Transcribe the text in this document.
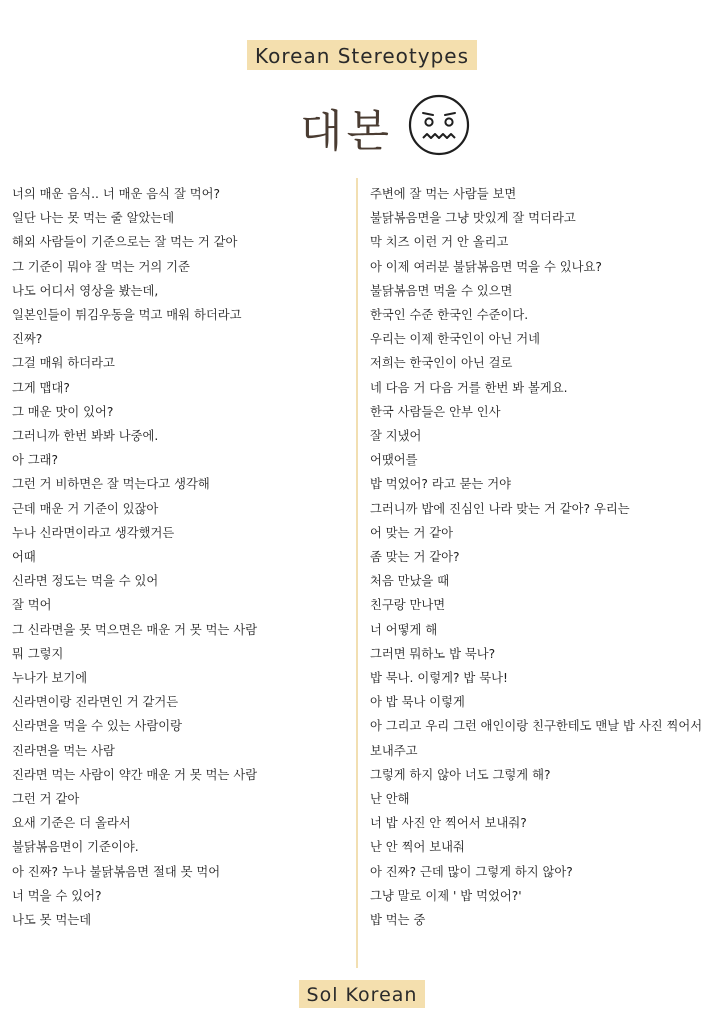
Korean Stereotypes
대본
너의 매운 음식.. 너 매운 음식 잘 먹어?
일단 나는 못 먹는 줄 알았는데
해외 사람들이 기준으로는 잘 먹는 거 같아
그 기준이 뭐야 잘 먹는 거의 기준
나도 어디서 영상을 봤는데,
일본인들이 튀김우동을 먹고 매워 하더라고
진짜?
그걸 매워 하더라고
그게 맵대?
그 매운 맛이 있어?
그러니까 한번 봐봐 나중에.
아 그래?
그런 거 비하면은 잘 먹는다고 생각해
근데 매운 거 기준이 있잖아
누나 신라면이라고 생각했거든
어때
신라면 정도는 먹을 수 있어
잘 먹어
그 신라면을 못 먹으면은 매운 거 못 먹는 사람
뭐 그렇지
누나가 보기에
신라면이랑 진라면인 거 같거든
신라면을 먹을 수 있는 사람이랑
진라면을 먹는 사람
진라면 먹는 사람이 약간 매운 거 못 먹는 사람
그런 거 같아
요새 기준은 더 올라서
불닭볶음면이 기준이야.
아 진짜? 누나 불닭볶음면 절대 못 먹어
너 먹을 수 있어?
나도 못 먹는데
주변에 잘 먹는 사람들 보면
불닭볶음면을 그냥 맛있게 잘 먹더라고
막 치즈 이런 거 안 올리고
아 이제 여러분 불닭볶음면 먹을 수 있나요?
불닭볶음면 먹을 수 있으면
한국인 수준 한국인 수준이다.
우리는 이제 한국인이 아닌 거네
저희는 한국인이 아닌 걸로
네 다음 거 다음 거를 한번 봐 볼게요.
한국 사람들은 안부 인사
잘 지냈어
어땠어를
밥 먹었어? 라고 묻는 거야
그러니까 밥에 진심인 나라 맞는 거 같아? 우리는
어 맞는 거 같아
좀 맞는 거 같아?
처음 만났을 때
친구랑 만나면
너 어떻게 해
그러면 뭐하노 밥 묵나?
밥 묵나. 이렇게? 밥 묵나!
아 밥 묵나 이렇게
아 그리고 우리 그런 애인이랑 친구한테도 맨날 밥 사진 찍어서
보내주고
그렇게 하지 않아 너도 그렇게 해?
난 안해
너 밥 사진 안 찍어서 보내줘?
난 안 찍어 보내줘
아 진짜? 근데 많이 그렇게 하지 않아?
그냥 말로 이제 ' 밥 먹었어?'
밥 먹는 중
Sol Korean
